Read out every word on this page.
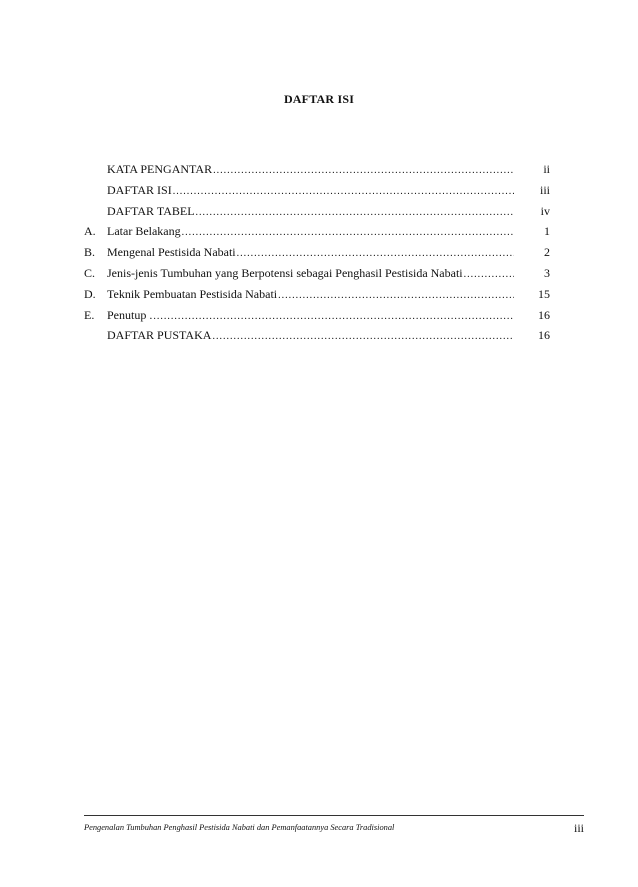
DAFTAR ISI
KATA PENGANTAR .....	ii
DAFTAR ISI .....	iii
DAFTAR TABEL .....	iv
A. Latar Belakang .....	1
B. Mengenal Pestisida Nabati .....	2
C. Jenis-jenis Tumbuhan yang Berpotensi sebagai Penghasil Pestisida Nabati .....	3
D. Teknik Pembuatan Pestisida Nabati .....	15
E.	Penutup . .....	16
DAFTAR PUSTAKA .....	16
Pengenalan Tumbuhan Penghasil Pestisida Nabati dan Pemanfaatannya Secara Tradisional	iii
